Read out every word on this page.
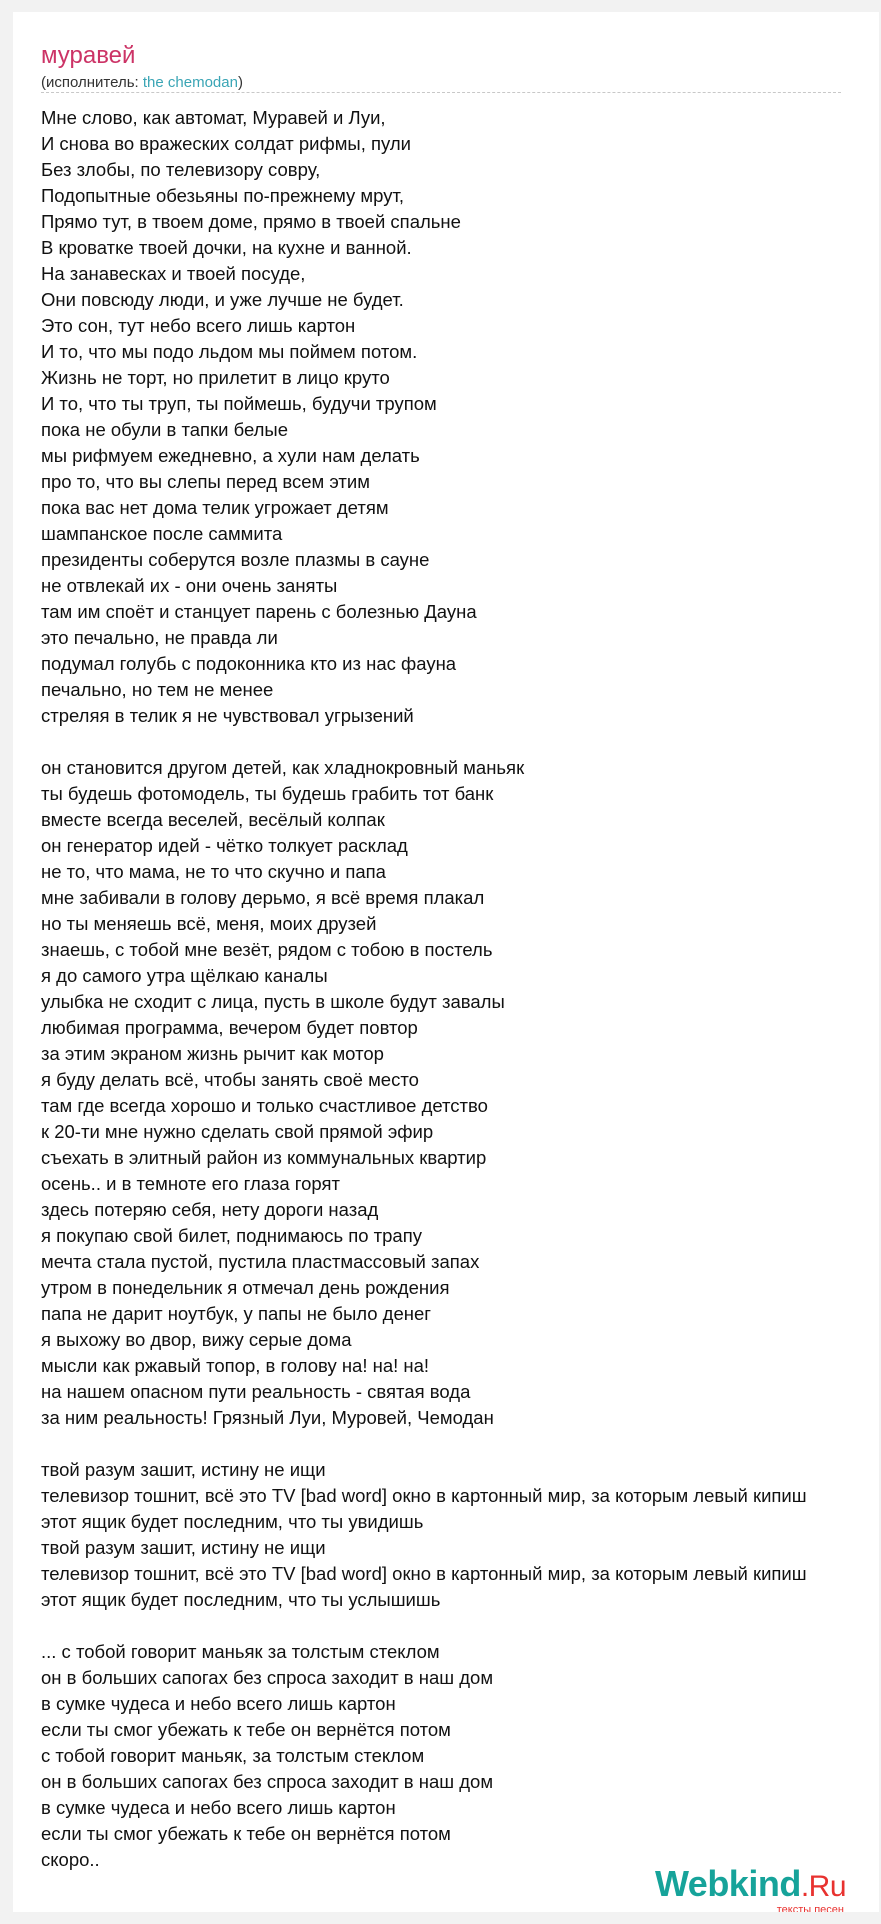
муравей
(исполнитель: the chemodan)
Мне слово, как автомат, Муравей и Луи,
И снова во вражеских солдат рифмы, пули
Без злобы, по телевизору совру,
Подопытные обезьяны по-прежнему мрут,
Прямо тут, в твоем доме, прямо в твоей спальне
В кроватке твоей дочки, на кухне и ванной.
На занавесках и твоей посуде,
Они повсюду люди, и уже лучше не будет.
Это сон, тут небо всего лишь картон
И то, что мы подо льдом мы поймем потом.
Жизнь не торт, но прилетит в лицо круто
И то, что ты труп, ты поймешь, будучи трупом
пока не обули в тапки белые
мы рифмуем ежедневно, а хули нам делать
про то, что вы слепы перед всем этим
пока вас нет дома телик угрожает детям
шампанское после саммита
президенты соберутся возле плазмы в сауне
не отвлекай их - они очень заняты
там им споёт и станцует парень с болезнью Дауна
это печально, не правда ли
подумал голубь с подоконника кто из нас фауна
печально, но тем не менее
стреляя в телик я не чувствовал угрызений
он становится другом детей, как хладнокровный маньяк
ты будешь фотомодель, ты будешь грабить тот банк
вместе всегда веселей, весёлый колпак
он генератор идей - чётко толкует расклад
не то, что мама, не то что скучно и папа
мне забивали в голову дерьмо, я всё время плакал
но ты меняешь всё, меня, моих друзей
знаешь, с тобой мне везёт, рядом с тобою в постель
я до самого утра щёлкаю каналы
улыбка не сходит с лица, пусть в школе будут завалы
любимая программа, вечером будет повтор
за этим экраном жизнь рычит как мотор
я буду делать всё, чтобы занять своё место
там где всегда хорошо и только счастливое детство
к 20-ти мне нужно сделать свой прямой эфир
съехать в элитный район из коммунальных квартир
осень.. и в темноте его глаза горят
здесь потеряю себя, нету дороги назад
я покупаю свой билет, поднимаюсь по трапу
мечта стала пустой, пустила пластмассовый запах
утром в понедельник я отмечал день рождения
папа не дарит ноутбук, у папы не было денег
я выхожу во двор, вижу серые дома
мысли как ржавый топор, в голову на! на! на!
на нашем опасном пути реальность - святая вода
за ним реальность! Грязный Луи, Муровей, Чемодан
твой разум зашит, истину не ищи
телевизор тошнит, всё это TV [bad word] окно в картонный мир, за которым левый кипиш
этот ящик будет последним, что ты увидишь
твой разум зашит, истину не ищи
телевизор тошнит, всё это TV [bad word] окно в картонный мир, за которым левый кипиш
этот ящик будет последним, что ты услышишь
... с тобой говорит маньяк за толстым стеклом
он в больших сапогах без спроса заходит в наш дом
в сумке чудеса и небо всего лишь картон
если ты смог убежать к тебе он вернётся потом
с тобой говорит маньяк, за толстым стеклом
он в больших сапогах без спроса заходит в наш дом
в сумке чудеса и небо всего лишь картон
если ты смог убежать к тебе он вернётся потом
скоро..
Webkind.Ru
тексты песен
